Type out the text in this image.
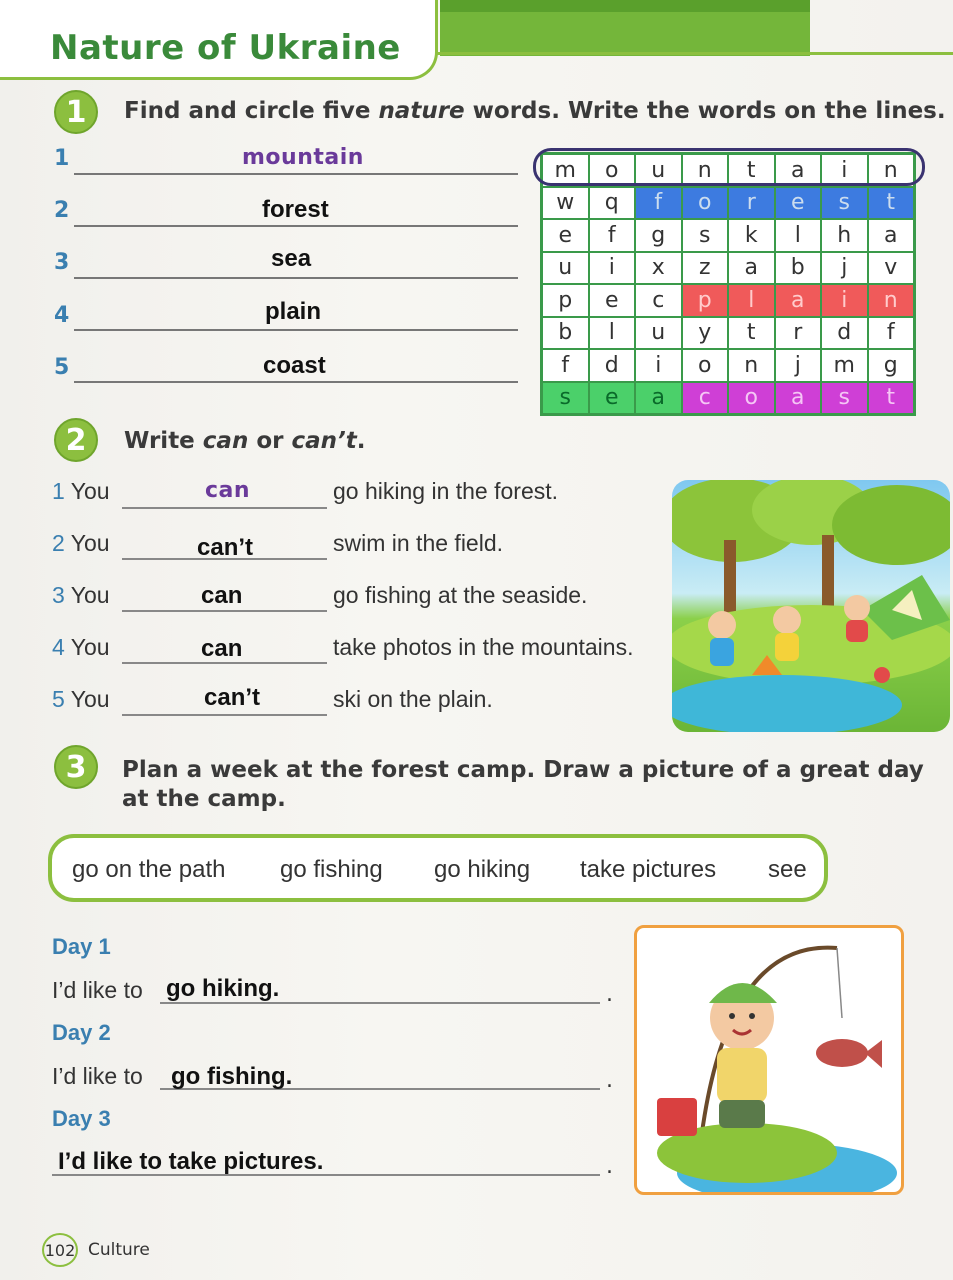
Nature of Ukraine
1	Find and circle five nature words. Write the words on the lines.
1	mountain
2	forest
3	sea
4	plain
5	coast
m	o	u	n	t	a	i	n
w	q	f	o	r	e	s	t
e	f	g	s	k	l	h	a
u	i	x	z	a	b	j	v
p	e	c	p	l	a	i	n
b	l	u	y	t	r	d	f
f	d	i	o	n	j	m	g
s	e	a	c	o	a	s	t
2	Write can or can’t.
1 You	can	go hiking in the forest.
2 You	can’t	swim in the field.
3 You	can	go fishing at the seaside.
4 You	can	take photos in the mountains.
5 You	can’t	ski on the plain.
3	Plan a week at the forest camp. Draw a picture of a great day
at the camp.
go on the path go fishing go hiking take pictures see
Day 1
I’d like to go hiking.	.
Day 2
I’d like to go fishing.	.
Day 3
I’d like to take pictures.	.
102 Culture
